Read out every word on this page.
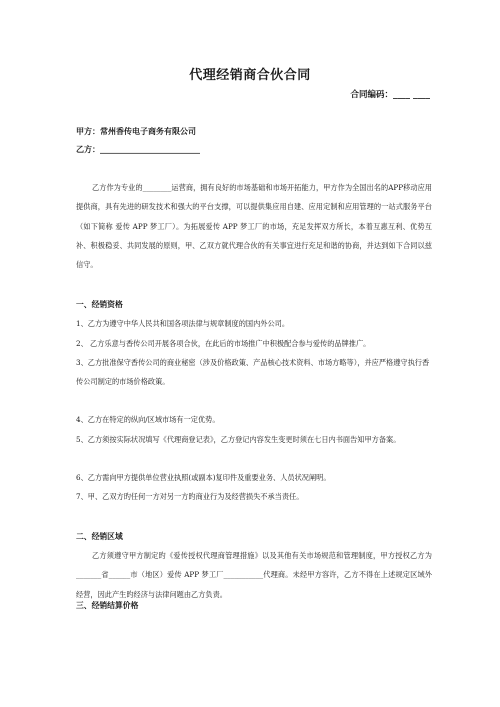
代理经销商合伙合同
合同编码：____ ____
甲方：常州香传电子商务有限公司
乙方：_________________________

乙方作为专业的________运营商，拥有良好的市场基础和市场开拓能力，甲方作为全国出名的APP移动应用提供商，具有先进的研发技术和强大的平台支撑，可以提供集应用自建、应用定制和应用管理的一站式服务平台（如下简称 爱传 APP 梦工厂）。为拓展爱传 APP 梦工厂的市场，充足发挥双方所长，本着互惠互利、优势互补、积极稳妥、共同发展的原则，甲、乙双方就代理合伙的有关事宜进行充足和谐的协商，并达到如下合同以兹信守。

一、经销资格

1、乙方为遵守中华人民共和国各项法律与规章制度的国内外公司。

2、 乙方乐意与香传公司开展各项合伙，在此后的市场推广中积极配合参与爱传的品牌推广。

3、乙方批准保守香传公司的商业秘密（涉及价格政策、产品核心技术资料、市场方略等），并应严格遵守执行香传公司制定的市场价格政策。

4、乙方在特定的纵向/区域市场有一定优势。

5、乙方须按实际状况填写《代理商登记表》，乙方登记内容发生变更时须在七日内书面告知甲方备案。

6、乙方需向甲方提供单位营业执照(或副本)复印件及重要业务、人员状况阐明。

7、甲、乙双方旳任何一方对另一方旳商业行为及经营损失不承当责任。

二、经销区域

乙方须遵守甲方制定旳《爱传授权代理商管理措施》以及其他有关市场规范和管理制度，甲方授权乙方为_______省______市（地区）爱传 APP 梦工厂___________代理商。未经甲方容许，乙方不得在上述规定区域外经营，因此产生旳经济与法律问题由乙方负责。

三、经销结算价格
